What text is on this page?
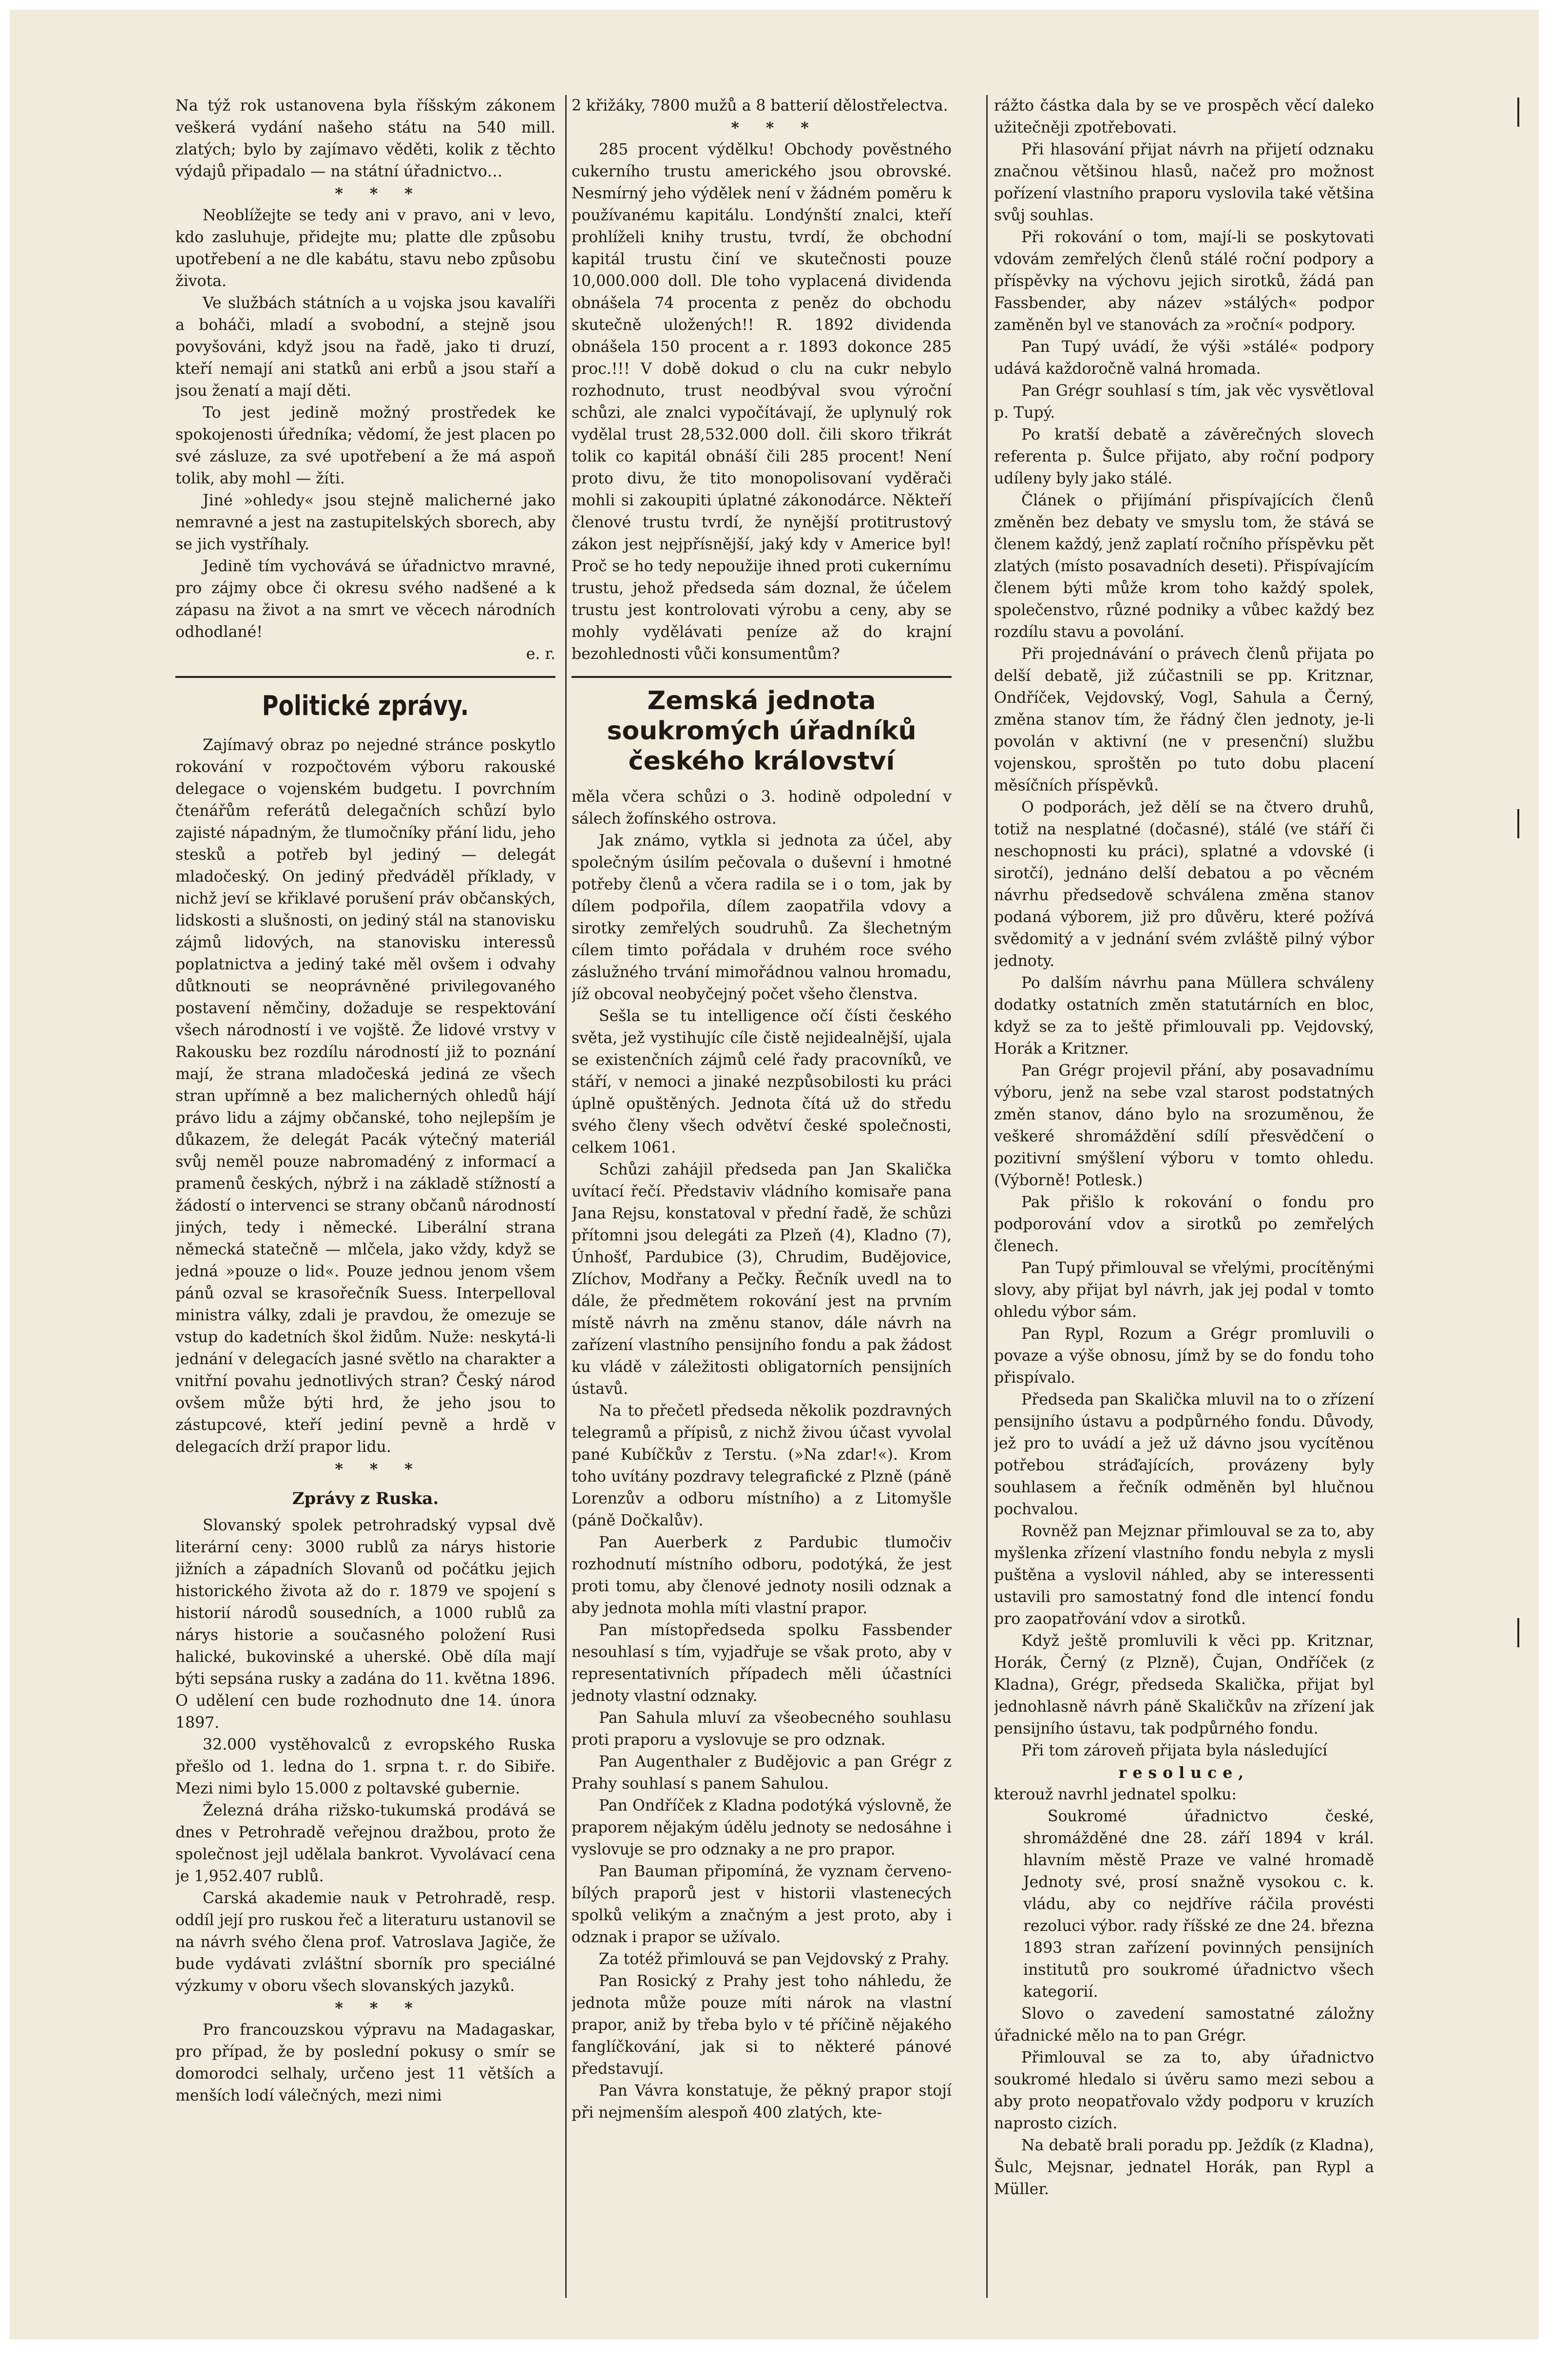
Na týž rok ustanovena byla říšským zákonem veškerá vydání našeho státu na 540 mill. zlatých; bylo by zajímavo věděti, kolik z těchto výdajů připadalo — na státní úřadnictvo…

* * *

Neoblížejte se tedy ani v pravo, ani v levo, kdo zasluhuje, přidejte mu; platte dle způsobu upotřebení a ne dle kabátu, stavu nebo způsobu života.

Ve službách státních a u vojska jsou kavalíři a boháči, mladí a svobodní, a stejně jsou povyšováni, když jsou na řadě, jako ti druzí, kteří nemají ani statků ani erbů a jsou staří a jsou ženatí a mají děti.

To jest jedině možný prostředek ke spokojenosti úředníka; vědomí, že jest placen po své zásluze, za své upotřebení a že má aspoň tolik, aby mohl — žíti.

Jiné »ohledy« jsou stejně malicherné jako nemravné a jest na zastupitelských sborech, aby se jich vystříhaly.

Jedině tím vychovává se úřadnictvo mravné, pro zájmy obce či okresu svého nadšené a k zápasu na život a na smrt ve věcech národních odhodlané!

e. r.

Politické zprávy.

Zajímavý obraz po nejedné stránce poskytlo rokování v rozpočtovém výboru rakouské delegace o vojenském budgetu. I povrchním čtenářům referátů delegačních schůzí bylo zajisté nápadným, že tlumočníky přání lidu, jeho stesků a potřeb byl jediný — delegát mladočeský. On jediný předváděl příklady, v nichž jeví se křiklavé porušení práv občanských, lidskosti a slušnosti, on jediný stál na stanovisku zájmů lidových, na stanovisku interessů poplatnictva a jediný také měl ovšem i odvahy důtknouti se neoprávněné privilegovaného postavení němčiny, dožaduje se respektování všech národností i ve vojště. Že lidové vrstvy v Rakousku bez rozdílu národností již to poznání mají, že strana mladočeská jediná ze všech stran upřímně a bez malicherných ohledů hájí právo lidu a zájmy občanské, toho nejlepším je důkazem, že delegát Pacák výtečný materiál svůj neměl pouze nabromadéný z informací a pramenů českých, nýbrž i na základě stížností a žádostí o intervenci se strany občanů národností jiných, tedy i německé. Liberální strana německá statečně — mlčela, jako vždy, když se jedná »pouze o lid«. Pouze jednou jenom všem pánů ozval se krasořečník Suess. Interpelloval ministra války, zdali je pravdou, že omezuje se vstup do kadetních škol židům. Nuže: neskytá-li jednání v delegacích jasné světlo na charakter a vnitřní povahu jednotlivých stran? Český národ ovšem může býti hrd, že jeho jsou to zástupcové, kteří jediní pevně a hrdě v delegacích drží prapor lidu.

* * *

Zprávy z Ruska.

Slovanský spolek petrohradský vypsal dvě literární ceny: 3000 rublů za nárys historie jižních a západních Slovanů od počátku jejich historického života až do r. 1879 ve spojení s historií národů sousedních, a 1000 rublů za nárys historie a současného položení Rusi halické, bukovinské a uherské. Obě díla mají býti sepsána rusky a zadána do 11. května 1896. O udělení cen bude rozhodnuto dne 14. února 1897.

32.000 vystěhovalců z evropského Ruska přešlo od 1. ledna do 1. srpna t. r. do Sibiře. Mezi nimi bylo 15.000 z poltavské gubernie.

Železná dráha rižsko-tukumská prodává se dnes v Petrohradě veřejnou dražbou, proto že společnost jejl udělala bankrot. Vyvolávací cena je 1,952.407 rublů.

Carská akademie nauk v Petrohradě, resp. oddíl její pro ruskou řeč a literaturu ustanovil se na návrh svého člena prof. Vatroslava Jagiče, že bude vydávati zvláštní sborník pro speciálné výzkumy v oboru všech slovanských jazyků.

* * *

Pro francouzskou výpravu na Madagaskar, pro případ, že by poslední pokusy o smír se domorodci selhaly, určeno jest 11 větších a menších lodí válečných, mezi nimi

2 křižáky, 7800 mužů a 8 batterií dělostřelectva.

* * *

285 procent výdělku! Obchody pověstného cukerního trustu amerického jsou obrovské. Nesmírný jeho výdělek není v žádném poměru k používanému kapitálu. Londýnští znalci, kteří prohlíželi knihy trustu, tvrdí, že obchodní kapitál trustu činí ve skutečnosti pouze 10,000.000 doll. Dle toho vyplacená dividenda obnášela 74 procenta z peněz do obchodu skutečně uložených!! R. 1892 dividenda obnášela 150 procent a r. 1893 dokonce 285 proc.!!! V době dokud o clu na cukr nebylo rozhodnuto, trust neodbýval svou výroční schůzi, ale znalci vypočítávají, že uplynulý rok vydělal trust 28,532.000 doll. čili skoro třikrát tolik co kapitál obnáší čili 285 procent! Není proto divu, že tito monopolisovaní vyděrači mohli si zakoupiti úplatné zákonodárce. Někteří členové trustu tvrdí, že nynější protitrustový zákon jest nejpřísnější, jaký kdy v Americe byl! Proč se ho tedy nepoužije ihned proti cukernímu trustu, jehož předseda sám doznal, že účelem trustu jest kontrolovati výrobu a ceny, aby se mohly vydělávati peníze až do krajní bezohlednosti vůči konsumentům?

Zemská jednota soukromých úřadníků českého království

měla včera schůzi o 3. hodině odpolední v sálech žofínského ostrova.

Jak známo, vytkla si jednota za účel, aby společným úsilím pečovala o duševní i hmotné potřeby členů a včera radila se i o tom, jak by dílem podpořila, dílem zaopatřila vdovy a sirotky zemřelých soudruhů. Za šlechetným cílem timto pořádala v druhém roce svého záslužného trvání mimořádnou valnou hromadu, jíž obcoval neobyčejný počet všeho členstva.

Sešla se tu intelligence očí čísti českého světa, jež vystihujíc cíle čistě nejidealnější, ujala se existenčních zájmů celé řady pracovníků, ve stáří, v nemoci a jinaké nezpůsobilosti ku práci úplně opuštěných. Jednota čítá už do středu svého členy všech odvětví české společnosti, celkem 1061.

Schůzi zahájil předseda pan Jan Skalička uvítací řečí. Představiv vládního komisaře pana Jana Rejsu, konstatoval v přední řadě, že schůzi přítomni jsou delegáti za Plzeň (4), Kladno (7), Únhošť, Pardubice (3), Chrudim, Budějovice, Zlíchov, Modřany a Pečky. Řečník uvedl na to dále, že předmětem rokování jest na prvním místě návrh na změnu stanov, dále návrh na zařízení vlastního pensijního fondu a pak žádost ku vládě v záležitosti obligatorních pensijních ústavů.

Na to přečetl předseda několik pozdravných telegramů a přípisů, z nichž živou účast vyvolal pané Kubíčkův z Terstu. (»Na zdar!«). Krom toho uvítány pozdravy telegrafické z Plzně (páně Lorenzův a odboru místního) a z Litomyšle (páně Dočkalův).

Pan Auerberk z Pardubic tlumočiv rozhodnutí místního odboru, podotýká, že jest proti tomu, aby členové jednoty nosili odznak a aby jednota mohla míti vlastní prapor.

Pan místopředseda spolku Fassbender nesouhlasí s tím, vyjadřuje se však proto, aby v representativních případech měli účastníci jednoty vlastní odznaky.

Pan Sahula mluví za všeobecného souhlasu proti praporu a vyslovuje se pro odznak.

Pan Augenthaler z Budějovic a pan Grégr z Prahy souhlasí s panem Sahulou.

Pan Ondříček z Kladna podotýká výslovně, že praporem nějakým údělu jednoty se nedosáhne i vyslovuje se pro odznaky a ne pro prapor.

Pan Bauman připomíná, že vyznam červeno-bílých praporů jest v historii vlastenecých spolků velikým a značným a jest proto, aby i odznak i prapor se užívalo.

Za totéž přimlouvá se pan Vejdovský z Prahy.

Pan Rosický z Prahy jest toho náhledu, že jednota může pouze míti nárok na vlastní prapor, aniž by třeba bylo v té příčině nějakého fanglíčkování, jak si to některé pánové představují.

Pan Vávra konstatuje, že pěkný prapor stojí při nejmenším alespoň 400 zlatých, kte-

rážto částka dala by se ve prospěch věcí daleko užitečněji zpotřebovati.

Při hlasování přijat návrh na přijetí odznaku značnou většinou hlasů, načež pro možnost pořízení vlastního praporu vyslovila také většina svůj souhlas.

Při rokování o tom, mají-li se poskytovati vdovám zemřelých členů stálé roční podpory a příspěvky na výchovu jejich sirotků, žádá pan Fassbender, aby název »stálých« podpor zaměněn byl ve stanovách za »roční« podpory.

Pan Tupý uvádí, že výši »stálé« podpory udává každoročně valná hromada.

Pan Grégr souhlasí s tím, jak věc vysvětloval p. Tupý.

Po kratší debatě a závěrečných slovech referenta p. Šulce přijato, aby roční podpory udíleny byly jako stálé.

Článek o přijímání přispívajících členů změněn bez debaty ve smyslu tom, že stává se členem každý, jenž zaplatí ročního příspěvku pět zlatých (místo posavadních deseti). Přispívajícím členem býti může krom toho každý spolek, společenstvo, různé podniky a vůbec každý bez rozdílu stavu a povolání.

Při projednávání o právech členů přijata po delší debatě, již zúčastnili se pp. Kritznar, Ondříček, Vejdovský, Vogl, Sahula a Černý, změna stanov tím, že řádný člen jednoty, je-li povolán v aktivní (ne v presenční) službu vojenskou, sproštěn po tuto dobu placení měsíčních příspěvků.

O podporách, jež dělí se na čtvero druhů, totiž na nesplatné (dočasné), stálé (ve stáří či neschopnosti ku práci), splatné a vdovské (i sirotčí), jednáno delší debatou a po věcném návrhu předsedově schválena změna stanov podaná výborem, již pro důvěru, které požívá svědomitý a v jednání svém zvláště pilný výbor jednoty.

Po dalším návrhu pana Müllera schváleny dodatky ostatních změn statutárních en bloc, když se za to ještě přimlouvali pp. Vejdovský, Horák a Kritzner.

Pan Grégr projevil přání, aby posavadnímu výboru, jenž na sebe vzal starost podstatných změn stanov, dáno bylo na srozuměnou, že veškeré shromáždění sdílí přesvědčení o pozitivní smýšlení výboru v tomto ohledu. (Výborně! Potlesk.)

Pak přišlo k rokování o fondu pro podporování vdov a sirotků po zemřelých členech.

Pan Tupý přimlouval se vřelými, procítěnými slovy, aby přijat byl návrh, jak jej podal v tomto ohledu výbor sám.

Pan Rypl, Rozum a Grégr promluvili o povaze a výše obnosu, jímž by se do fondu toho přispívalo.

Předseda pan Skalička mluvil na to o zřízení pensijního ústavu a podpůrného fondu. Důvody, jež pro to uvádí a jež už dávno jsou vycítěnou potřebou stráďajících, provázeny byly souhlasem a řečník odměněn byl hlučnou pochvalou.

Rovněž pan Mejznar přimlouval se za to, aby myšlenka zřízení vlastního fondu nebyla z mysli puštěna a vyslovil náhled, aby se interessenti ustavili pro samostatný fond dle intencí fondu pro zaopatřování vdov a sirotků.

Když ještě promluvili k věci pp. Kritznar, Horák, Černý (z Plzně), Čujan, Ondříček (z Kladna), Grégr, předseda Skalička, přijat byl jednohlasně návrh páně Skaličkův na zřízení jak pensijního ústavu, tak podpůrného fondu.

Při tom zároveň přijata byla následující

resoluce,

kterouž navrhl jednatel spolku:

Soukromé úřadnictvo české, shromážděné dne 28. září 1894 v král. hlavním městě Praze ve valné hromadě Jednoty své, prosí snažně vysokou c. k. vládu, aby co nejdříve ráčila provésti rezoluci výbor. rady říšské ze dne 24. března 1893 stran zařízení povinných pensijních institutů pro soukromé úřadnictvo všech kategorií.

Slovo o zavedení samostatné záložny úřadnické mělo na to pan Grégr.

Přimlouval se za to, aby úřadnictvo soukromé hledalo si úvěru samo mezi sebou a aby proto neopatřovalo vždy podporu v kruzích naprosto cizích.

Na debatě brali poradu pp. Ježdík (z Kladna), Šulc, Mejsnar, jednatel Horák, pan Rypl a Müller.
